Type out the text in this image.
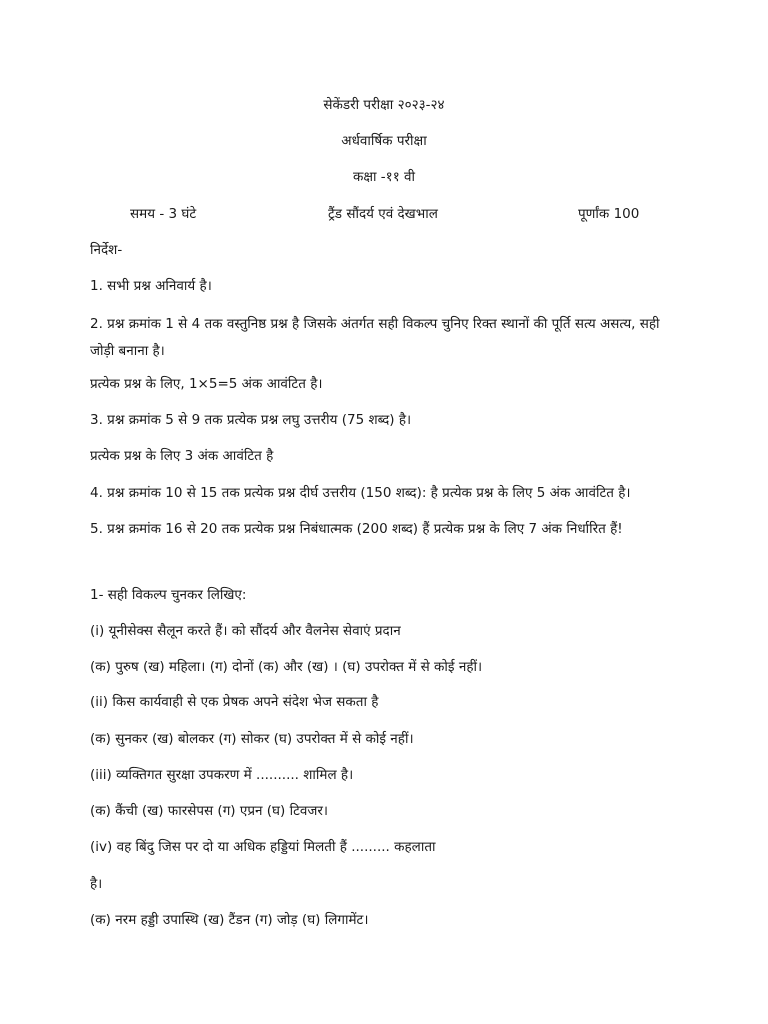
सेकेंडरी परीक्षा २०२३-२४
अर्धवार्षिक परीक्षा
कक्षा -११ वी
समय - 3 घंटे	ट्रैंड सौंदर्य एवं देखभाल	पूर्णांक 100
निर्देश-
1. सभी प्रश्न अनिवार्य है।
2. प्रश्न क्रमांक 1 से 4 तक वस्तुनिष्ठ प्रश्न है जिसके अंतर्गत सही विकल्प चुनिए रिक्त स्थानों की पूर्ति सत्य असत्य, सही जोड़ी बनाना है।
प्रत्येक प्रश्न के लिए, 1×5=5 अंक आवंटित है।
3. प्रश्न क्रमांक 5 से 9 तक प्रत्येक प्रश्न लघु उत्तरीय (75 शब्द) है।
प्रत्येक प्रश्न के लिए 3 अंक आवंटित है
4. प्रश्न क्रमांक 10 से 15 तक प्रत्येक प्रश्न दीर्घ उत्तरीय (150 शब्द): है प्रत्येक प्रश्न के लिए 5 अंक आवंटित है।
5. प्रश्न क्रमांक 16 से 20 तक प्रत्येक प्रश्न निबंधात्मक (200 शब्द) हैं प्रत्येक प्रश्न के लिए 7 अंक निर्धारित हैं!
1- सही विकल्प चुनकर लिखिए:
(i) यूनीसेक्स सैलून करते हैं। को सौंदर्य और वैलनेस सेवाएं प्रदान
(क) पुरुष (ख) महिला। (ग) दोनों (क) और (ख) । (घ) उपरोक्त में से कोई नहीं।
(ii) किस कार्यवाही से एक प्रेषक अपने संदेश भेज सकता है
(क) सुनकर (ख) बोलकर (ग) सोकर (घ) उपरोक्त में से कोई नहीं।
(iii) व्यक्तिगत सुरक्षा उपकरण में .......... शामिल है।
(क) कैंची (ख) फारसेपस (ग) एप्रन (घ) टिवजर।
(iv) वह बिंदु जिस पर दो या अधिक हड्डियां मिलती हैं ......... कहलाता
है।
(क) नरम हड्डी उपास्थि (ख) टैंडन (ग) जोड़ (घ) लिगामेंट।
